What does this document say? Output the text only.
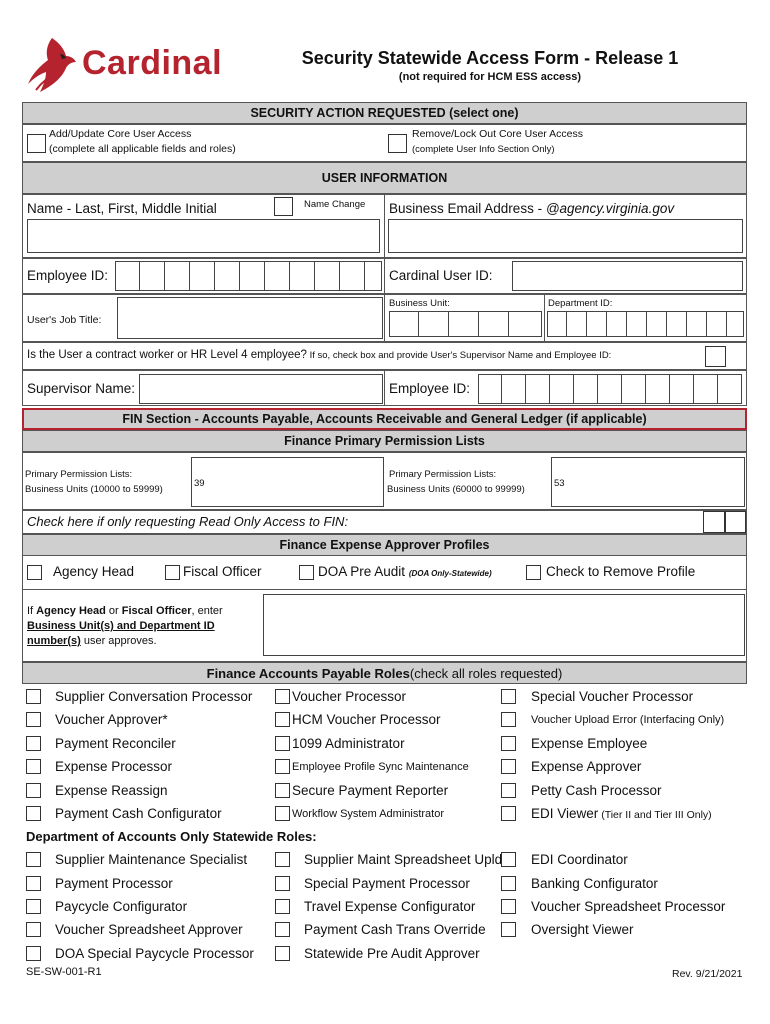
Cardinal	Security Statewide Access Form - Release 1
(not required for HCM ESS access)
SECURITY ACTION REQUESTED (select one)
Add/Update Core User Access
(complete all applicable fields and roles)
Remove/Lock Out Core User Access
(complete User Info Section Only)
USER INFORMATION
Name - Last, First, Middle Initial	Name Change Business Email Address - @agency.virginia.gov
Employee ID:	Cardinal User ID:
User's Job Title:
Business Unit:	Department ID:
Is the User a contract worker or HR Level 4 employee? If so, check box and provide User's Supervisor Name and Employee ID:
Supervisor Name:	Employee ID:
FIN Section - Accounts Payable, Accounts Receivable and General Ledger (if applicable)
Finance Primary Permission Lists
Primary Permission Lists:
Business Units (10000 to 59999)
39
Primary Permission Lists:
Business Units (60000 to 99999)
53
Check here if only requesting Read Only Access to FIN:
Finance Expense Approver Profiles
Agency Head	Fiscal Officer	DOA Pre Audit (DOA Only-Statewide)	Check to Remove Profile
If Agency Head or Fiscal Officer, enter
Business Unit(s) and Department ID
number(s) user approves.
Finance Accounts Payable Roles (check all roles requested)
Supplier Conversation Processor
Voucher Approver*
Payment Reconciler
Expense Processor
Expense Reassign
Payment Cash Configurator
Voucher Processor
HCM Voucher Processor
1099 Administrator
Employee Profile Sync Maintenance
Secure Payment Reporter
Workflow System Administrator
Special Voucher Processor
Voucher Upload Error (Interfacing Only)
Expense Employee
Expense Approver
Petty Cash Processor
EDI Viewer (Tier II and Tier III Only)
Department of Accounts Only Statewide Roles:
Supplier Maintenance Specialist
Payment Processor
Paycycle Configurator
Voucher Spreadsheet Approver
DOA Special Paycycle Processor
Supplier Maint Spreadsheet Upld
Special Payment Processor
Travel Expense Configurator
Payment Cash Trans Override
Statewide Pre Audit Approver
EDI Coordinator
Banking Configurator
Voucher Spreadsheet Processor
Oversight Viewer
SE-SW-001-R1	Rev. 9/21/2021
